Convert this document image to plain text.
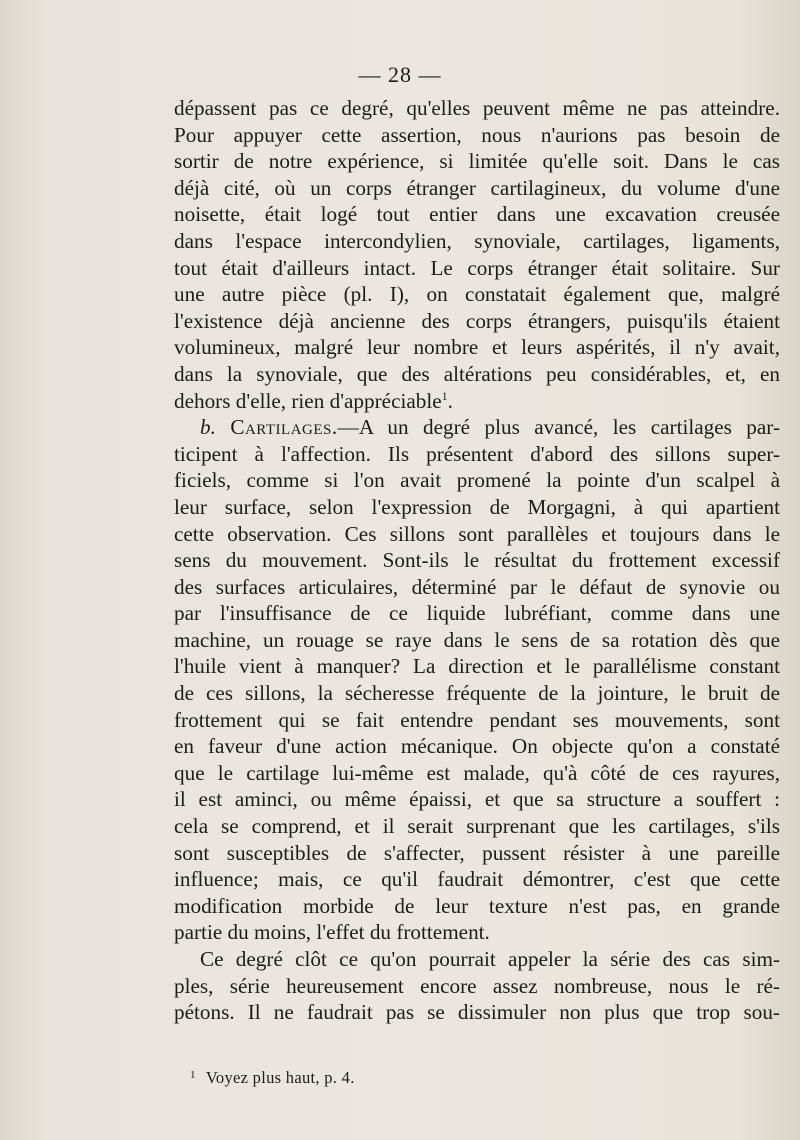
— 28 —
dépassent pas ce degré, qu'elles peuvent même ne pas atteindre.
Pour appuyer cette assertion, nous n'aurions pas besoin de
sortir de notre expérience, si limitée qu'elle soit. Dans le cas
déjà cité, où un corps étranger cartilagineux, du volume d'une
noisette, était logé tout entier dans une excavation creusée
dans l'espace intercondylien, synoviale, cartilages, ligaments,
tout était d'ailleurs intact. Le corps étranger était solitaire. Sur
une autre pièce (pl. I), on constatait également que, malgré
l'existence déjà ancienne des corps étrangers, puisqu'ils étaient
volumineux, malgré leur nombre et leurs aspérités, il n'y avait,
dans la synoviale, que des altérations peu considérables, et, en
dehors d'elle, rien d'appréciable$^1$.
b. Cartilages.—A un degré plus avancé, les cartilages par-
ticipent à l'affection. Ils présentent d'abord des sillons super-
ficiels, comme si l'on avait promené la pointe d'un scalpel à
leur surface, selon l'expression de Morgagni, à qui apartient
cette observation. Ces sillons sont parallèles et toujours dans le
sens du mouvement. Sont-ils le résultat du frottement excessif
des surfaces articulaires, déterminé par le défaut de synovie ou
par l'insuffisance de ce liquide lubréfiant, comme dans une
machine, un rouage se raye dans le sens de sa rotation dès que
l'huile vient à manquer? La direction et le parallélisme constant
de ces sillons, la sécheresse fréquente de la jointure, le bruit de
frottement qui se fait entendre pendant ses mouvements, sont
en faveur d'une action mécanique. On objecte qu'on a constaté
que le cartilage lui-même est malade, qu'à côté de ces rayures,
il est aminci, ou même épaissi, et que sa structure a souffert :
cela se comprend, et il serait surprenant que les cartilages, s'ils
sont susceptibles de s'affecter, pussent résister à une pareille
influence; mais, ce qu'il faudrait démontrer, c'est que cette
modification morbide de leur texture n'est pas, en grande
partie du moins, l'effet du frottement.
Ce degré clôt ce qu'on pourrait appeler la série des cas sim-
ples, série heureusement encore assez nombreuse, nous le ré-
pétons. Il ne faudrait pas se dissimuler non plus que trop sou-
$^1$ Voyez plus haut, p. 4.
